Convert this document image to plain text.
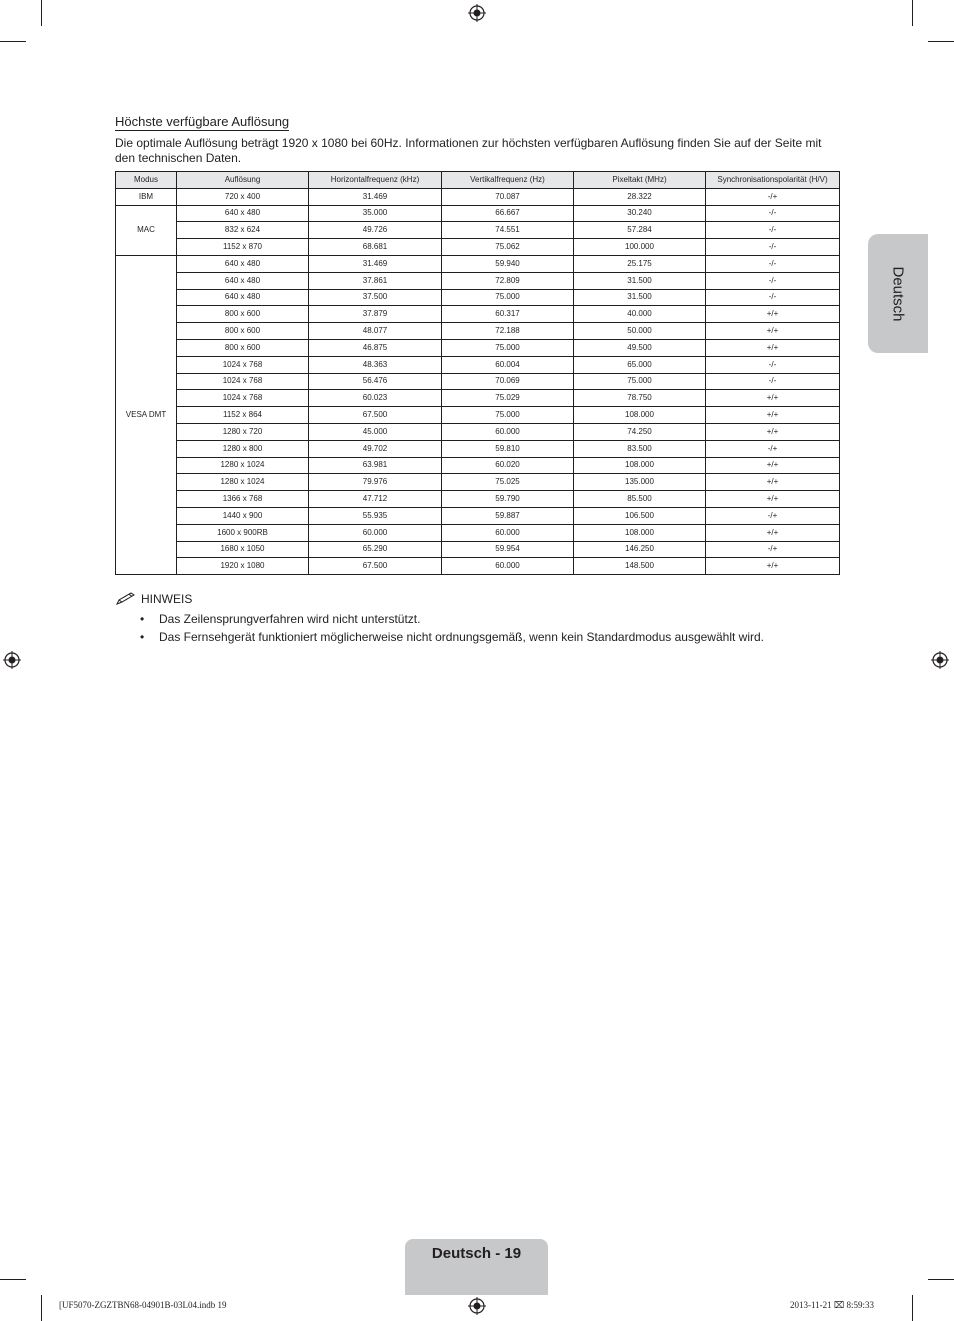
Deutsch
Höchste verfügbare Auflösung
Die optimale Auflösung beträgt 1920 x 1080 bei 60Hz. Informationen zur höchsten verfügbaren Auflösung finden Sie auf der Seite mit den technischen Daten.
Modus	Auflösung	Horizontalfrequenz (kHz)	Vertikalfrequenz (Hz)	Pixeltakt (MHz)	Synchronisationspolarität (H/V)
IBM	720 x 400	31.469	70.087	28.322	-/+
MAC	640 x 480	35.000	66.667	30.240	-/-
	832 x 624	49.726	74.551	57.284	-/-
	1152 x 870	68.681	75.062	100.000	-/-
VESA DMT	640 x 480	31.469	59.940	25.175	-/-
	640 x 480	37.861	72.809	31.500	-/-
	640 x 480	37.500	75.000	31.500	-/-
	800 x 600	37.879	60.317	40.000	+/+
	800 x 600	48.077	72.188	50.000	+/+
	800 x 600	46.875	75.000	49.500	+/+
	1024 x 768	48.363	60.004	65.000	-/-
	1024 x 768	56.476	70.069	75.000	-/-
	1024 x 768	60.023	75.029	78.750	+/+
	1152 x 864	67.500	75.000	108.000	+/+
	1280 x 720	45.000	60.000	74.250	+/+
	1280 x 800	49.702	59.810	83.500	-/+
	1280 x 1024	63.981	60.020	108.000	+/+
	1280 x 1024	79.976	75.025	135.000	+/+
	1366 x 768	47.712	59.790	85.500	+/+
	1440 x 900	55.935	59.887	106.500	-/+
	1600 x 900RB	60.000	60.000	108.000	+/+
	1680 x 1050	65.290	59.954	146.250	-/+
	1920 x 1080	67.500	60.000	148.500	+/+
HINWEIS
• Das Zeilensprungverfahren wird nicht unterstützt.
• Das Fernsehgerät funktioniert möglicherweise nicht ordnungsgemäß, wenn kein Standardmodus ausgewählt wird.
Deutsch - 19
[UF5070-ZGZTBN68-04901B-03L04.indb 19	2013-11-21 ⌧ 8:59:33
